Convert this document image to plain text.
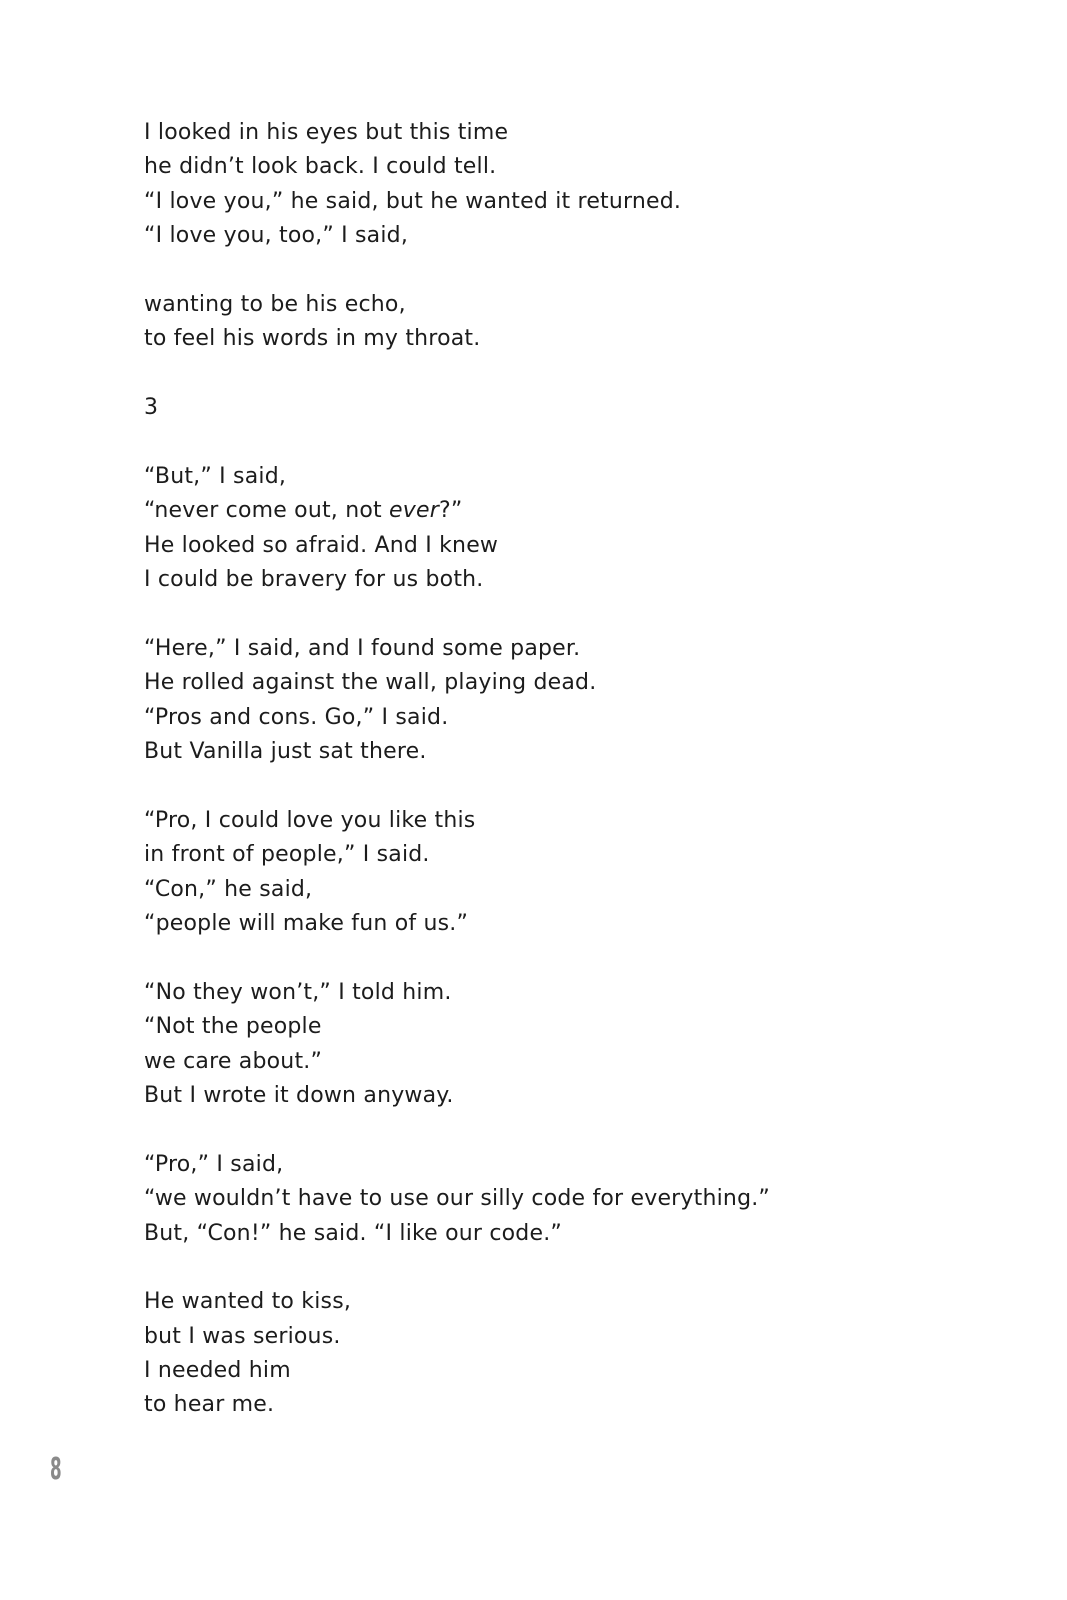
I looked in his eyes but this time
he didn’t look back. I could tell.
“I love you,” he said, but he wanted it returned.
“I love you, too,” I said,
wanting to be his echo,
to feel his words in my throat.
3
“But,” I said,
“never come out, not ever?”
He looked so afraid. And I knew
I could be bravery for us both.
“Here,” I said, and I found some paper.
He rolled against the wall, playing dead.
“Pros and cons. Go,” I said.
But Vanilla just sat there.
“Pro, I could love you like this
in front of people,” I said.
“Con,” he said,
“people will make fun of us.”
“No they won’t,” I told him.
“Not the people
we care about.”
But I wrote it down anyway.
“Pro,” I said,
“we wouldn’t have to use our silly code for everything.”
But, “Con!” he said. “I like our code.”
He wanted to kiss,
but I was serious.
I needed him
to hear me.
8
